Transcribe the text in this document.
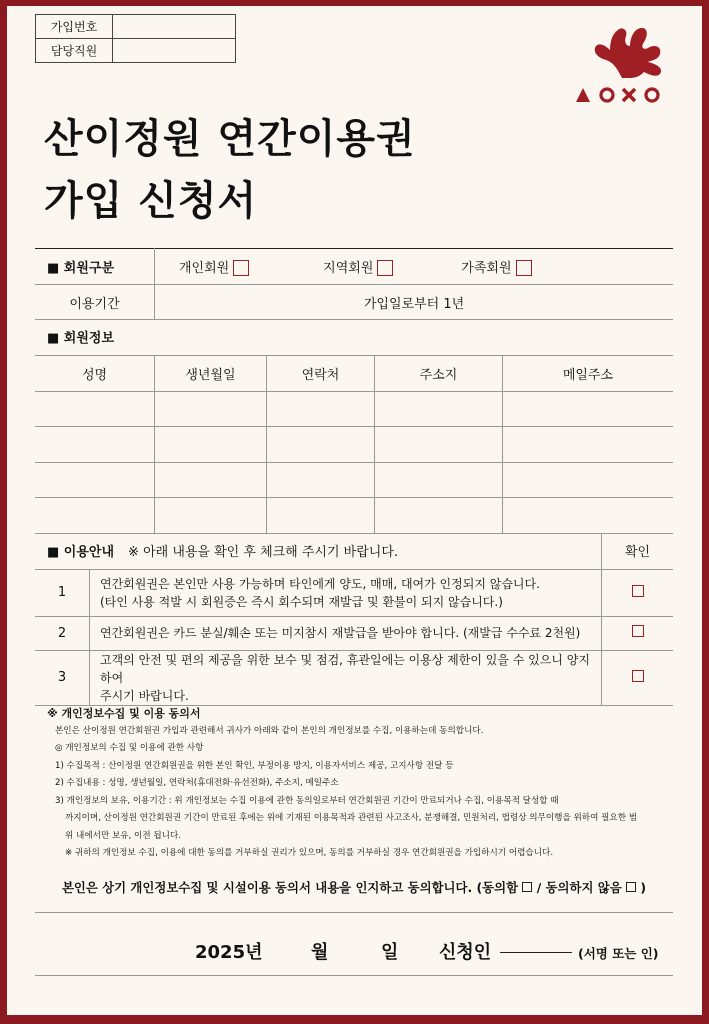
가입번호	
담당직원	
산이정원 연간이용권
가입 신청서
■ 회원구분	개인회원 지역회원 가족회원
이용기간	가입일로부터 1년
■ 회원정보				
성명	생년월일	연락처	주소지	메일주소

■ 이용안내 ※ 아래 내용을 확인 후 체크해 주시기 바랍니다.		확인
1	연간회원권은 본인만 사용 가능하며 타인에게 양도, 매매, 대여가 인정되지 않습니다.
(타인 사용 적발 시 회원증은 즉시 회수되며 재발급 및 환불이 되지 않습니다.)	

2	연간회원권은 카드 분실/훼손 또는 미지참시 재발급을 받아야 합니다. (재발급 수수료 2천원)	

3	고객의 안전 및 편의 제공을 위한 보수 및 점검, 휴관일에는 이용상 제한이 있을 수 있으니 양지하여
주시기 바랍니다.	

※ 개인정보수집 및 이용 동의서
본인은 산이정원 연간회원권 가입과 관련해서 귀사가 아래와 같이 본인의 개인정보를 수집, 이용하는데 동의합니다.
◎ 개인정보의 수집 및 이용에 관한 사항
1) 수집목적 : 산이정원 연간회원권을 위한 본인 확인, 부정이용 방지, 이용자서비스 제공, 고지사항 전달 등
2) 수집내용 : 성명, 생년월일, 연락처(휴대전화·유선전화), 주소지, 메일주소
3) 개인정보의 보유, 이용기간 : 위 개인정보는 수집 이용에 관한 동의일로부터 연간회원권 기간이 만료되거나 수집, 이용목적 달성할 때
까지이며, 산이정원 연간회원권 기간이 만료된 후에는 위에 기재된 이용목적과 관련된 사고조사, 분쟁해결, 민원처리, 법령상 의무이행을 위하여 필요한 범
위 내에서만 보유, 이전 됩니다.
※ 귀하의 개인정보 수집, 이용에 대한 동의를 거부하실 권리가 있으며, 동의를 거부하실 경우 연간회원권을 가입하시기 어렵습니다.
본인은 상기 개인정보수집 및 시설이용 동의서 내용을 인지하고 동의합니다. (동의함 / 동의하지 않음 )
2025년	월	일 신청인	(서명 또는 인)
